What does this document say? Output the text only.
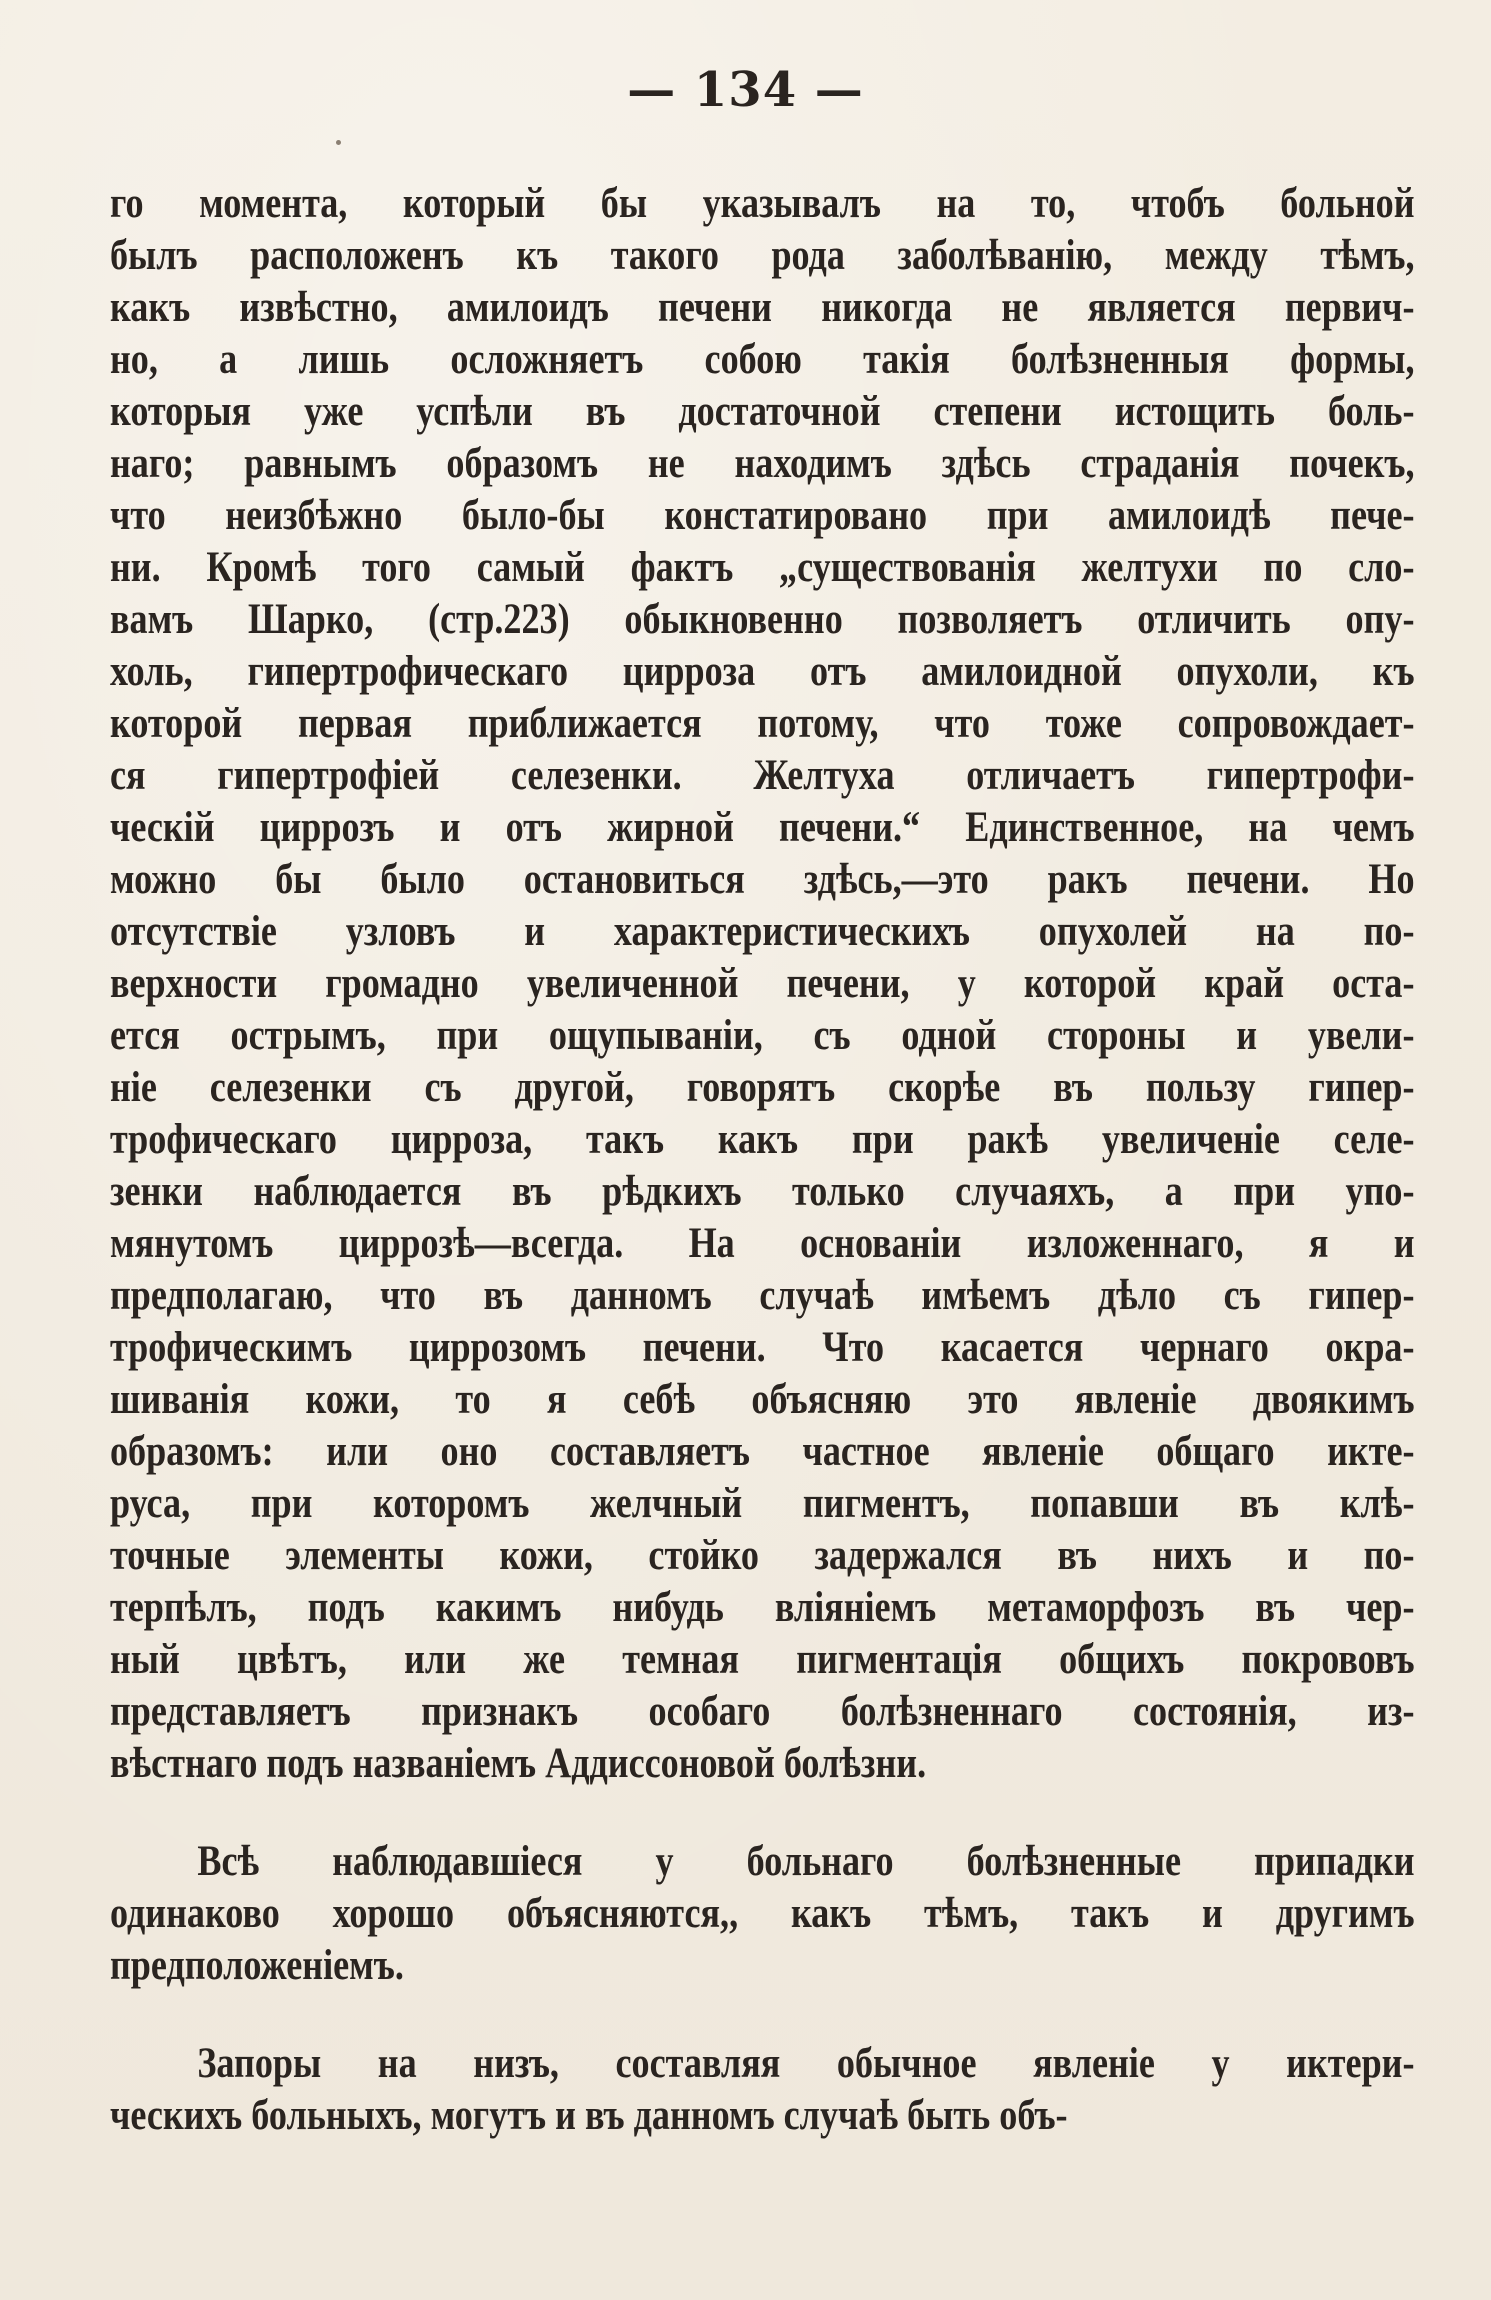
— 134 —
го момента, который бы указывалъ на то, чтобъ больной
былъ расположенъ къ такого рода заболѣванію, между тѣмъ,
какъ извѣстно, амилоидъ печени никогда не является первич-
но, а лишь осложняетъ собою такія болѣзненныя формы,
которыя уже успѣли въ достаточной степени истощить боль-
наго; равнымъ образомъ не находимъ здѣсь страданія почекъ,
что неизбѣжно было-бы констатировано при амилоидѣ пече-
ни. Кромѣ того самый фактъ „существованія желтухи по сло-
вамъ Шарко, (стр.223) обыкновенно позволяетъ отличить опу-
холь, гипертрофическаго цирроза отъ амилоидной опухоли, къ
которой первая приближается потому, что тоже сопровождает-
ся гипертрофіей селезенки. Желтуха отличаетъ гипертрофи-
ческій циррозъ и отъ жирной печени.“ Единственное, на чемъ
можно бы было остановиться здѣсь,—это ракъ печени. Но
отсутствіе узловъ и характеристическихъ опухолей на по-
верхности громадно увеличенной печени, у которой край оста-
ется острымъ, при ощупываніи, съ одной стороны и увели-
ніе селезенки съ другой, говорятъ скорѣе въ пользу гипер-
трофическаго цирроза, такъ какъ при ракѣ увеличеніе селе-
зенки наблюдается въ рѣдкихъ только случаяхъ, а при упо-
мянутомъ циррозѣ—всегда. На основаніи изложеннаго, я и
предполагаю, что въ данномъ случаѣ имѣемъ дѣло съ гипер-
трофическимъ циррозомъ печени. Что касается чернаго окра-
шиванія кожи, то я себѣ объясняю это явленіе двоякимъ
образомъ: или оно составляетъ частное явленіе общаго иктe-
руса, при которомъ желчный пигментъ, попавши въ клѣ-
точные элементы кожи, стойко задержался въ нихъ и по-
терпѣлъ, подъ какимъ нибудь вліяніемъ метаморфозъ въ чер-
ный цвѣтъ, или же темная пигментація общихъ покрововъ
представляетъ признакъ особаго болѣзненнаго состоянія, из-
вѣстнаго подъ названіемъ Аддиссоновой болѣзни.
Всѣ наблюдавшіеся у больнаго болѣзненные припадки
одинаково хорошо объясняются,, какъ тѣмъ, такъ и другимъ
предположеніемъ.
Запоры на низъ, составляя обычное явленіе у иктери-
ческихъ больныхъ, могутъ и въ данномъ случаѣ быть объ-
